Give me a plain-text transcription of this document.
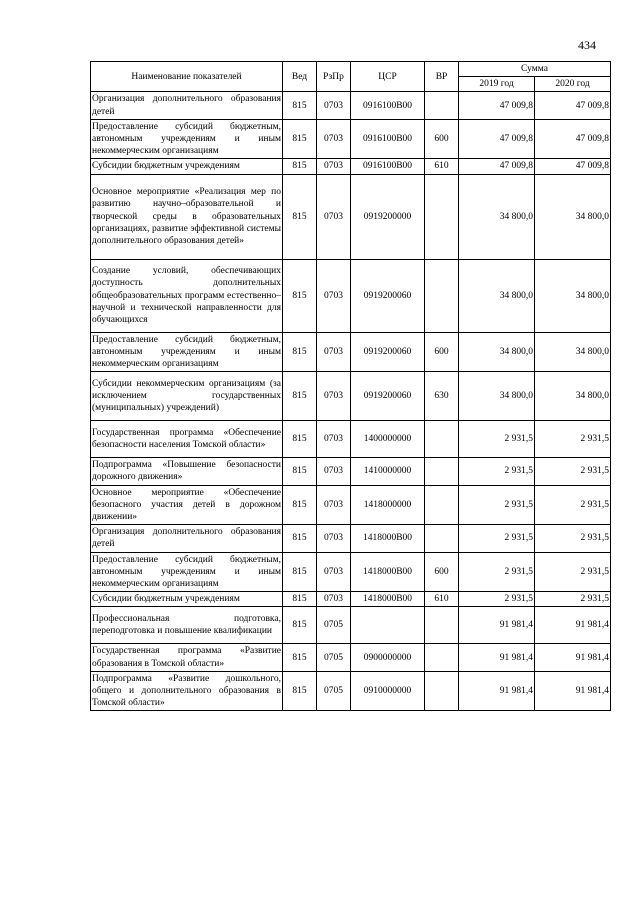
434
Наименование показателей	Вед	РзПр	ЦСР	ВР	Сумма	
					2019 год	2020 год
Организация дополнительного образования детей	815	0703	0916100В00		47 009,8	47 009,8
Предоставление субсидий бюджетным, автономным учреждениям и иным некоммерческим организациям	815	0703	0916100В00	600	47 009,8	47 009,8
Субсидии бюджетным учреждениям	815	0703	0916100В00	610	47 009,8	47 009,8
Основное мероприятие «Реализация мер по развитию научно–образовательной и творческой среды в образовательных организациях, развитие эффективной системы дополнительного образования детей»	815	0703	0919200000		34 800,0	34 800,0
Создание условий, обеспечивающих доступность дополнительных общеобразовательных программ естественно–научной и технической направленности для обучающихся	815	0703	0919200060		34 800,0	34 800,0
Предоставление субсидий бюджетным, автономным учреждениям и иным некоммерческим организациям	815	0703	0919200060	600	34 800,0	34 800,0
Субсидии некоммерческим организациям (за исключением государственных (муниципальных) учреждений)	815	0703	0919200060	630	34 800,0	34 800,0
Государственная программа «Обеспечение безопасности населения Томской области»	815	0703	1400000000		2 931,5	2 931,5
Подпрограмма «Повышение безопасности дорожного движения»	815	0703	1410000000		2 931,5	2 931,5
Основное мероприятие «Обеспечение безопасного участия детей в дорожном движении»	815	0703	1418000000		2 931,5	2 931,5
Организация дополнительного образования детей	815	0703	1418000В00		2 931,5	2 931,5
Предоставление субсидий бюджетным, автономным учреждениям и иным некоммерческим организациям	815	0703	1418000В00	600	2 931,5	2 931,5
Субсидии бюджетным учреждениям	815	0703	1418000В00	610	2 931,5	2 931,5
Профессиональная подготовка, переподготовка и повышение квалификации	815	0705			91 981,4	91 981,4
Государственная программа «Развитие образования в Томской области»	815	0705	0900000000		91 981,4	91 981,4
Подпрограмма «Развитие дошкольного, общего и дополнительного образования в Томской области»	815	0705	0910000000		91 981,4	91 981,4
